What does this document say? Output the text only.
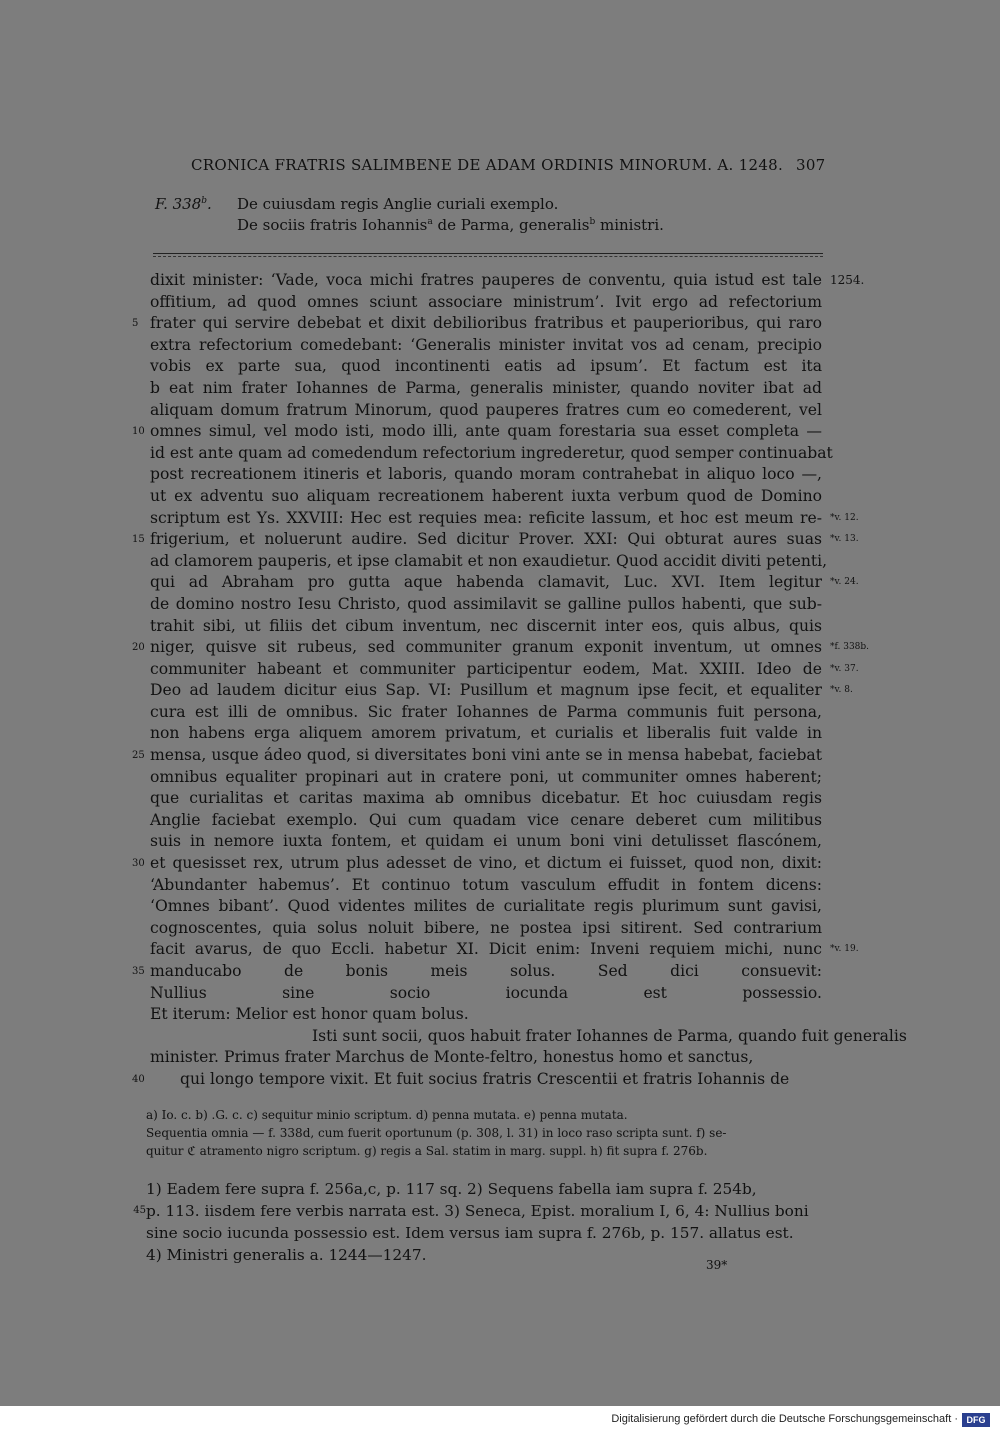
CRONICA FRATRIS SALIMBENE DE ADAM ORDINIS MINORUM. A. 1248. 307
F. 338$^b$. De cuiusdam regis Anglie curiali exemplo.
De sociis fratris Iohannis$^a$ de Parma, generalis$^b$ ministri.
dixit minister: ‘Vade, voca michi fratres pauperes de conventu, quia istud est tale 1254.
offitium, ad quod omnes sciunt associare ministrum’. Ivit ergo ad refectorium
frater qui servire debebat et dixit debilioribus fratribus et pauperioribus, qui raro
5
extra refectorium comedebant: ‘Generalis minister invitat vos ad cenam, precipio
vobis ex parte sua, quod incontinenti eatis ad ipsum’. Et factum est ita
b eat nim frater Iohannes de Parma, generalis minister, quando noviter ibat ad
aliquam domum fratrum Minorum, quod pauperes fratres cum eo comederent, vel
omnes simul, vel modo isti, modo illi, ante quam forestaria sua esset completa —
10
id est ante quam ad comedendum refectorium ingrederetur, quod semper continuabat
post recreationem itineris et laboris, quando moram contrahebat in aliquo loco —,
ut ex adventu suo aliquam recreationem haberent iuxta verbum quod de Domino
scriptum est Ys. XXVIII: Hec est requies mea: reficite lassum, et hoc est meum re- *v. 12.
frigerium, et noluerunt audire. Sed dicitur Prover. XXI: Qui obturat aures suas
15	*v. 13.
ad clamorem pauperis, et ipse clamabit et non exaudietur. Quod accidit diviti petenti,
qui ad Abraham pro gutta aque habenda clamavit, Luc. XVI. Item legitur *v. 24.
de domino nostro Iesu Christo, quod assimilavit se galline pullos habenti, que sub-
trahit sibi, ut filiis det cibum inventum, nec discernit inter eos, quis albus, quis
niger, quisve sit rubeus, sed communiter granum exponit inventum, ut omnes
20	*f. 338b.
communiter habeant et communiter participentur eodem, Mat. XXIII. Ideo de *v. 37.
Deo ad laudem dicitur eius Sap. VI: Pusillum et magnum ipse fecit, et equaliter *v. 8.
cura est illi de omnibus. Sic frater Iohannes de Parma communis fuit persona,
non habens erga aliquem amorem privatum, et curialis et liberalis fuit valde in
mensa, usque ádeo quod, si diversitates boni vini ante se in mensa habebat, faciebat
25
omnibus equaliter propinari aut in cratere poni, ut communiter omnes haberent;
que curialitas et caritas maxima ab omnibus dicebatur. Et hoc cuiusdam regis
Anglie faciebat exemplo. Qui cum quadam vice cenare deberet cum militibus
suis in nemore iuxta fontem, et quidam ei unum boni vini detulisset flascónem,
et quesisset rex, utrum plus adesset de vino, et dictum ei fuisset, quod non, dixit:
30
‘Abundanter habemus’. Et continuo totum vasculum effudit in fontem dicens:
‘Omnes bibant’. Quod videntes milites de curialitate regis plurimum sunt gavisi,
cognoscentes, quia solus noluit bibere, ne postea ipsi sitirent. Sed contrarium
facit avarus, de quo Eccli. habetur XI. Dicit enim: Inveni requiem michi, nunc *v. 19.
manducabo de bonis meis solus. Sed dici consuevit:
35
Nullius sine socio iocunda est possessio.
Et iterum: Melior est honor quam bolus.
Isti sunt socii, quos habuit frater Iohannes de Parma, quando fuit generalis
minister. Primus frater Marchus de Monte-feltro, honestus homo et sanctus,
qui longo tempore vixit. Et fuit socius fratris Crescentii et fratris Iohannis de
40
a) Io. c. b) .G. c. c) sequitur minio scriptum. d) penna mutata. e) penna mutata.
Sequentia omnia — f. 338d, cum fuerit oportunum (p. 308, l. 31) in loco raso scripta sunt. f) se-
quitur ℭ atramento nigro scriptum. g) regis a Sal. statim in marg. suppl. h) fit supra f. 276b.
1) Eadem fere supra f. 256a,c, p. 117 sq. 2) Sequens fabella iam supra f. 254b,
p. 113. iisdem fere verbis narrata est. 3) Seneca, Epist. moralium I, 6, 4: Nullius boni
45
sine socio iucunda possessio est. Idem versus iam supra f. 276b, p. 157. allatus est.
4) Ministri generalis a. 1244—1247.
39*
Digitalisierung gefördert durch die Deutsche Forschungsgemeinschaft · DFG
